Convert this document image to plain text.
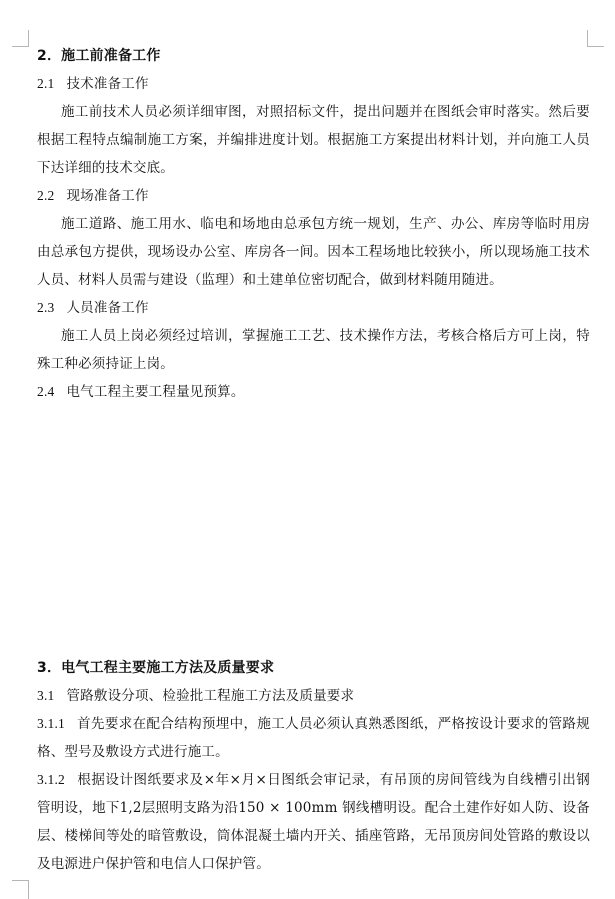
2．施工前准备工作
2.1 技术准备工作
施工前技术人员必须详细审图，对照招标文件，提出问题并在图纸会审时落实。然后要根据工程特点编制施工方案，并编排进度计划。根据施工方案提出材料计划，并向施工人员下达详细的技术交底。
2.2 现场准备工作
施工道路、施工用水、临电和场地由总承包方统一规划，生产、办公、库房等临时用房由总承包方提供，现场设办公室、库房各一间。因本工程场地比较狭小，所以现场施工技术人员、材料人员需与建设（监理）和土建单位密切配合，做到材料随用随进。
2.3 人员准备工作
施工人员上岗必须经过培训，掌握施工工艺、技术操作方法，考核合格后方可上岗，特殊工种必须持证上岗。
2.4 电气工程主要工程量见预算。
3．电气工程主要施工方法及质量要求
3.1 管路敷设分项、检验批工程施工方法及质量要求
3.1.1 首先要求在配合结构预埋中，施工人员必须认真熟悉图纸，严格按设计要求的管路规格、型号及敷设方式进行施工。
3.1.2 根据设计图纸要求及×年×月×日图纸会审记录，有吊顶的房间管线为自线槽引出钢管明设，地下1,2层照明支路为沿150 × 100mm 钢线槽明设。配合土建作好如人防、设备层、楼梯间等处的暗管敷设，筒体混凝土墙内开关、插座管路，无吊顶房间处管路的敷设以及电源进户保护管和电信人口保护管。
